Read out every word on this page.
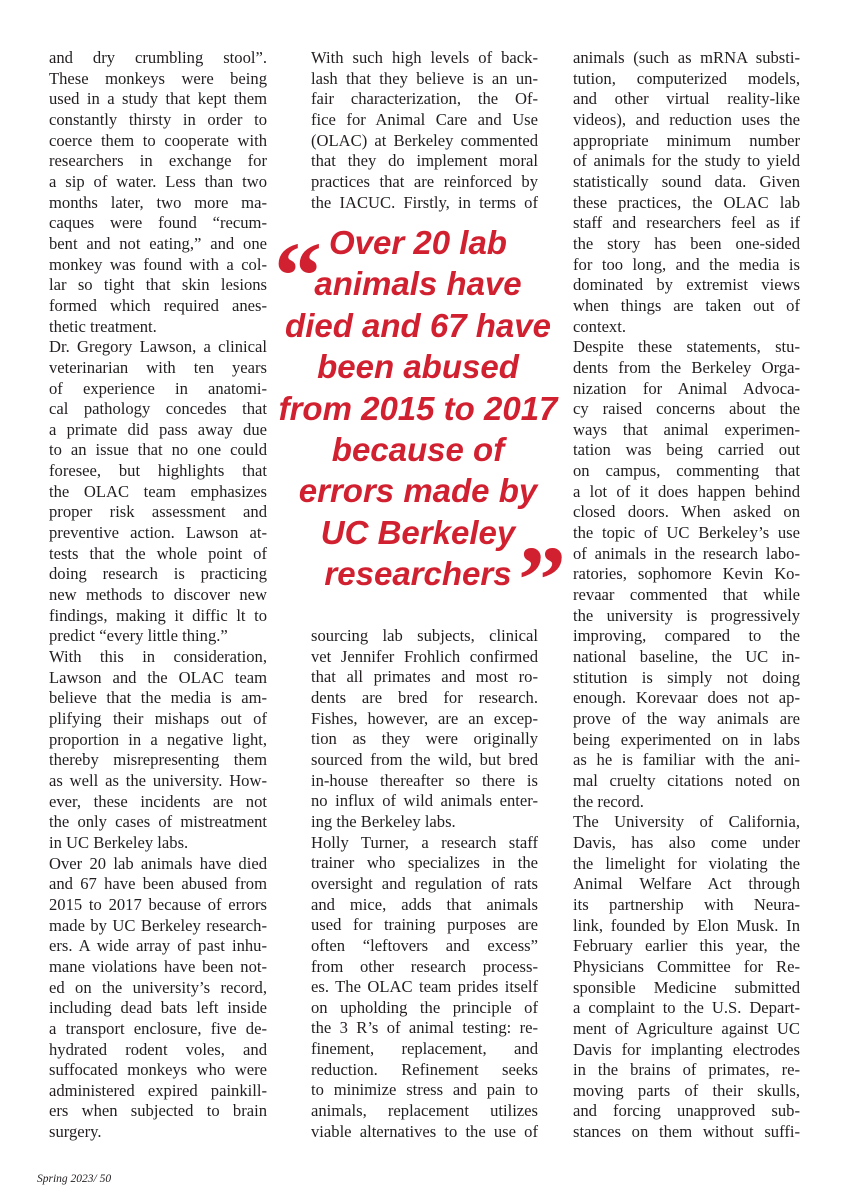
and dry crumbling stool”.
These monkeys were being
used in a study that kept them
constantly thirsty in order to
coerce them to cooperate with
researchers in exchange for
a sip of water. Less than two
months later, two more ma-
caques were found “recum-
bent and not eating,” and one
monkey was found with a col-
lar so tight that skin lesions
formed which required anes-
thetic treatment.
Dr. Gregory Lawson, a clinical
veterinarian with ten years
of experience in anatomi-
cal pathology concedes that
a primate did pass away due
to an issue that no one could
foresee, but highlights that
the OLAC team emphasizes
proper risk assessment and
preventive action. Lawson at-
tests that the whole point of
doing research is practicing
new methods to discover new
findings, making it diffic lt to
predict “every little thing.”
With this in consideration,
Lawson and the OLAC team
believe that the media is am-
plifying their mishaps out of
proportion in a negative light,
thereby misrepresenting them
as well as the university. How-
ever, these incidents are not
the only cases of mistreatment
in UC Berkeley labs.
Over 20 lab animals have died
and 67 have been abused from
2015 to 2017 because of errors
made by UC Berkeley research-
ers. A wide array of past inhu-
mane violations have been not-
ed on the university’s record,
including dead bats left inside
a transport enclosure, five de-
hydrated rodent voles, and
suffocated monkeys who were
administered expired painkill-
ers when subjected to brain
surgery.
With such high levels of back-
lash that they believe is an un-
fair characterization, the Of-
fice for Animal Care and Use
(OLAC) at Berkeley commented
that they do implement moral
practices that are reinforced by
the IACUC. Firstly, in terms of
sourcing lab subjects, clinical
vet Jennifer Frohlich confirmed
that all primates and most ro-
dents are bred for research.
Fishes, however, are an excep-
tion as they were originally
sourced from the wild, but bred
in-house thereafter so there is
no influx of wild animals enter-
ing the Berkeley labs.
Holly Turner, a research staff
trainer who specializes in the
oversight and regulation of rats
and mice, adds that animals
used for training purposes are
often “leftovers and excess”
from other research process-
es. The OLAC team prides itself
on upholding the principle of
the 3 R’s of animal testing: re-
finement, replacement, and
reduction. Refinement seeks
to minimize stress and pain to
animals, replacement utilizes
viable alternatives to the use of
animals (such as mRNA substi-
tution, computerized models,
and other virtual reality-like
videos), and reduction uses the
appropriate minimum number
of animals for the study to yield
statistically sound data. Given
these practices, the OLAC lab
staff and researchers feel as if
the story has been one-sided
for too long, and the media is
dominated by extremist views
when things are taken out of
context.
Despite these statements, stu-
dents from the Berkeley Orga-
nization for Animal Advoca-
cy raised concerns about the
ways that animal experimen-
tation was being carried out
on campus, commenting that
a lot of it does happen behind
closed doors. When asked on
the topic of UC Berkeley’s use
of animals in the research labo-
ratories, sophomore Kevin Ko-
revaar commented that while
the university is progressively
improving, compared to the
national baseline, the UC in-
stitution is simply not doing
enough. Korevaar does not ap-
prove of the way animals are
being experimented on in labs
as he is familiar with the ani-
mal cruelty citations noted on
the record.
The University of California,
Davis, has also come under
the limelight for violating the
Animal Welfare Act through
its partnership with Neura-
link, founded by Elon Musk. In
February earlier this year, the
Physicians Committee for Re-
sponsible Medicine submitted
a complaint to the U.S. Depart-
ment of Agriculture against UC
Davis for implanting electrodes
in the brains of primates, re-
moving parts of their skulls,
and forcing unapproved sub-
stances on them without suffi-
“ Over 20 lab
animals have
died and 67 have
been abused
from 2015 to 2017
because of
errors made by
UC Berkeley
researchers ”
Spring 2023/ 50
